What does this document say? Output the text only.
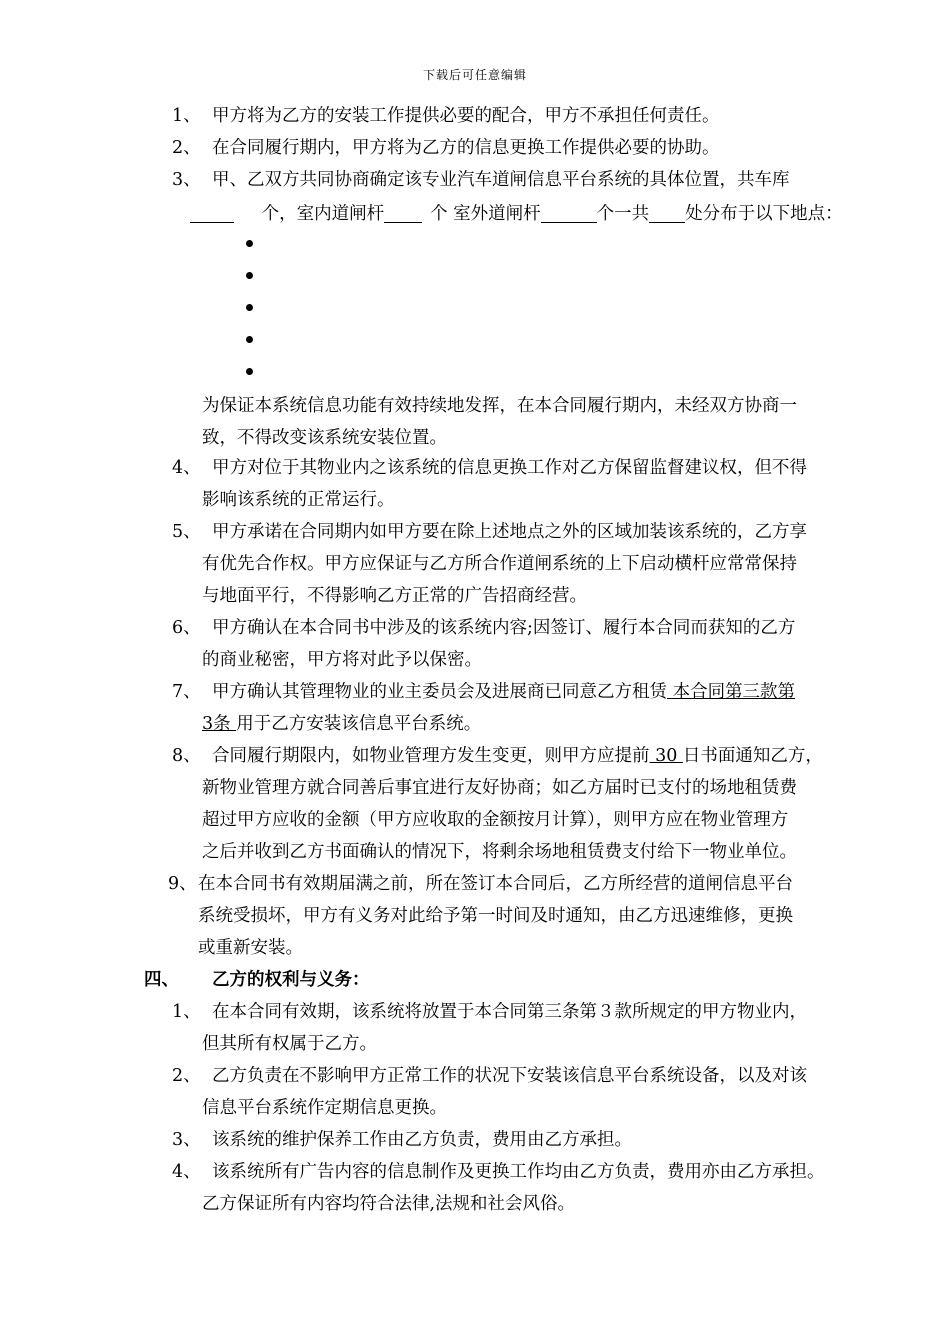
下载后可任意编辑
1、 甲方将为乙方的安装工作提供必要的配合，甲方不承担任何责任。
2、 在合同履行期内，甲方将为乙方的信息更换工作提供必要的协助。
3、 甲、乙双方共同协商确定该专业汽车道闸信息平台系统的具体位置，共车库
个，室内道闸杆	个 室外道闸杆	个一共 处分布于以下地点：
为保证本系统信息功能有效持续地发挥，在本合同履行期内，未经双方协商一
致，不得改变该系统安装位置。
4、 甲方对位于其物业内之该系统的信息更换工作对乙方保留监督建议权，但不得
影响该系统的正常运行。
5、 甲方承诺在合同期内如甲方要在除上述地点之外的区域加装该系统的，乙方享
有优先合作权。甲方应保证与乙方所合作道闸系统的上下启动横杆应常常保持
与地面平行，不得影响乙方正常的广告招商经营。
6、 甲方确认在本合同书中涉及的该系统内容;因签订、履行本合同而获知的乙方
的商业秘密，甲方将对此予以保密。
7、 甲方确认其管理物业的业主委员会及进展商已同意乙方租赁 本合同第三款第
3条 用于乙方安装该信息平台系统。
8、 合同履行期限内，如物业管理方发生变更，则甲方应提前 30 日书面通知乙方，
新物业管理方就合同善后事宜进行友好协商；如乙方届时已支付的场地租赁费
超过甲方应收的金额（甲方应收取的金额按月计算），则甲方应在物业管理方
之后并收到乙方书面确认的情况下，将剩余场地租赁费支付给下一物业单位。
9、 在本合同书有效期届满之前，所在签订本合同后，乙方所经营的道闸信息平台
系统受损坏，甲方有义务对此给予第一时间及时通知，由乙方迅速维修，更换
或重新安装。
四、 乙方的权利与义务：
1、 在本合同有效期，该系统将放置于本合同第三条第３款所规定的甲方物业内，
但其所有权属于乙方。
2、 乙方负责在不影响甲方正常工作的状况下安装该信息平台系统设备，以及对该
信息平台系统作定期信息更换。
3、 该系统的维护保养工作由乙方负责，费用由乙方承担。
4、 该系统所有广告内容的信息制作及更换工作均由乙方负责，费用亦由乙方承担。
乙方保证所有内容均符合法律,法规和社会风俗。
